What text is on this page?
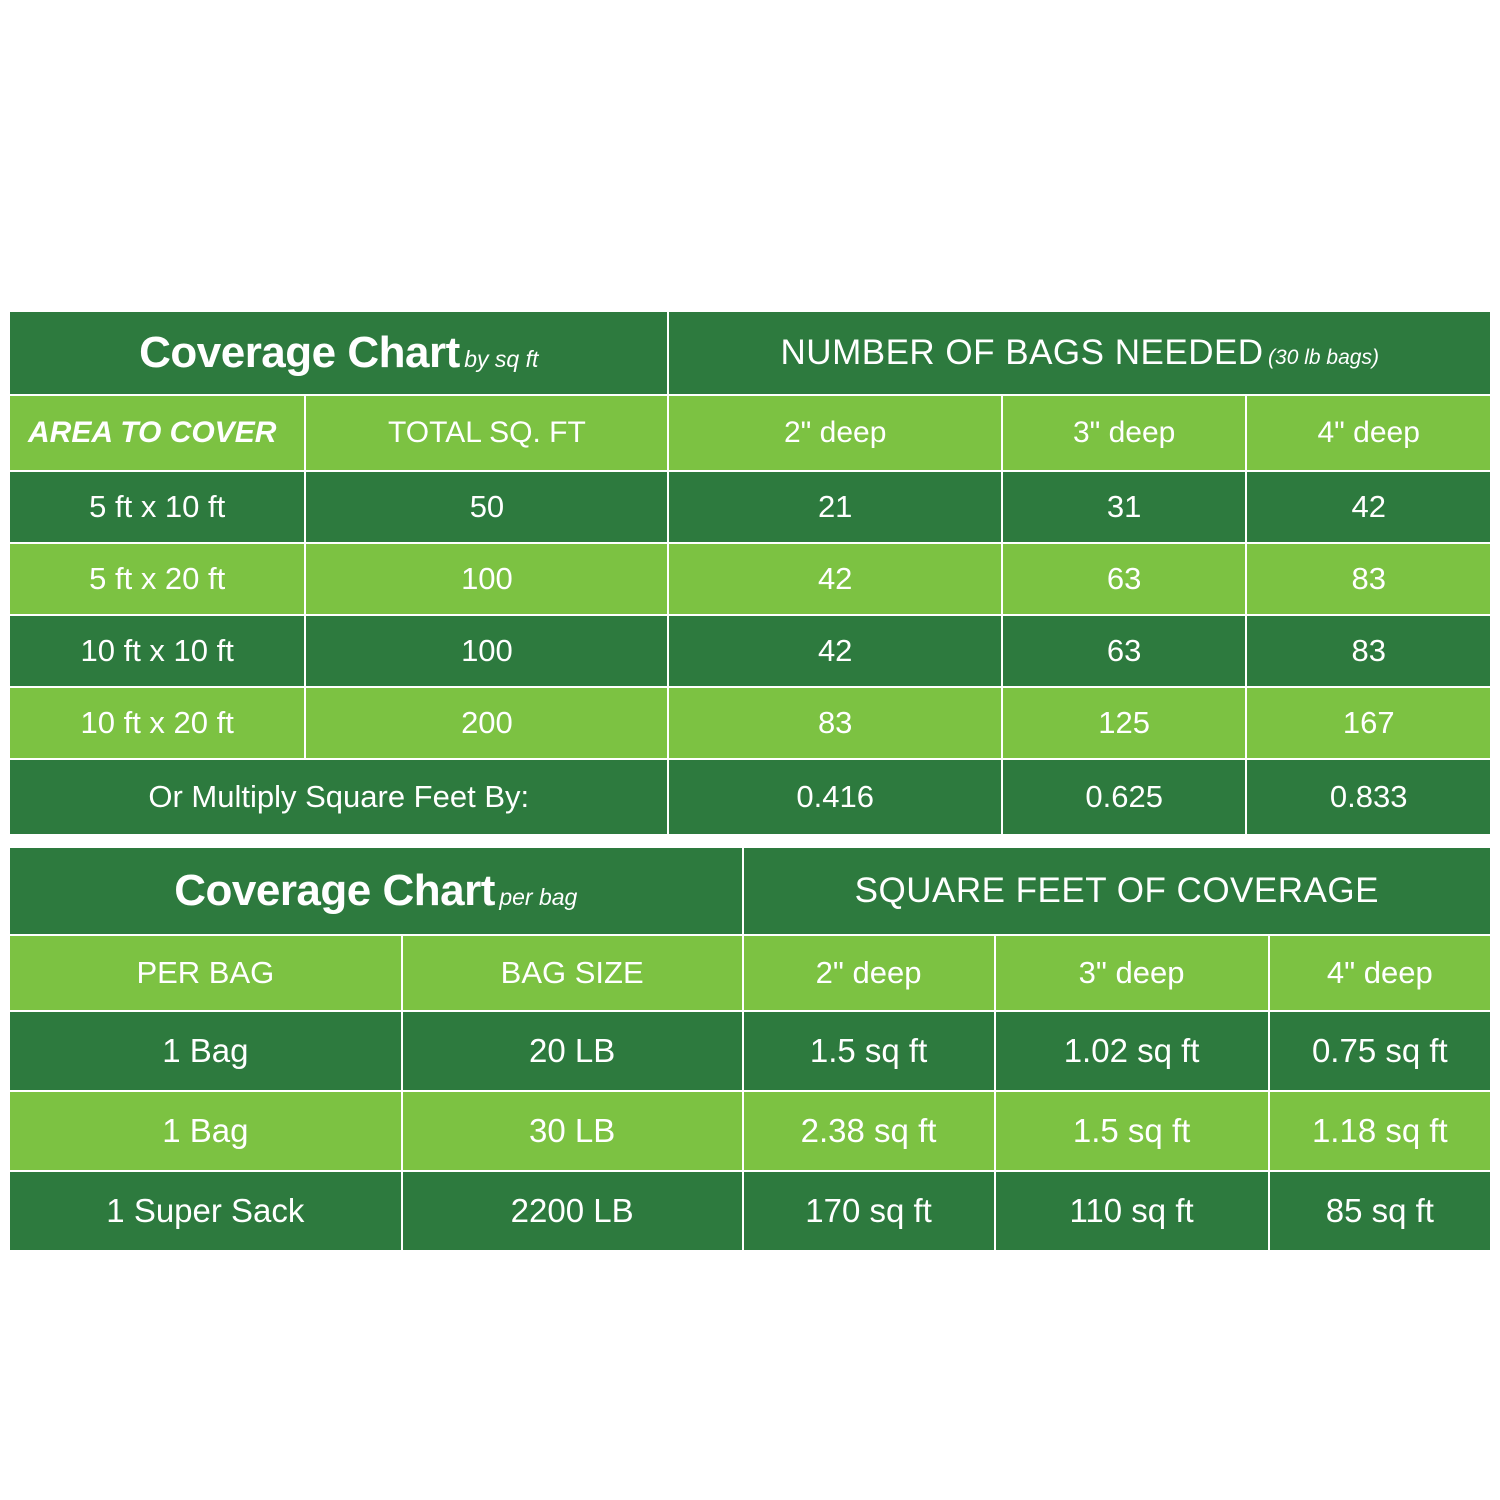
Coverage Chart by sq ft		NUMBER OF BAGS NEEDED (30 lb bags)		
AREA TO COVER	TOTAL SQ. FT	2" deep	3" deep	4" deep
5 ft x 10 ft	50	21	31	42
5 ft x 20 ft	100	42	63	83
10 ft x 10 ft	100	42	63	83
10 ft x 20 ft	200	83	125	167
Or Multiply Square Feet By:		0.416	0.625	0.833
Coverage Chart per bag		SQUARE FEET OF COVERAGE		
PER BAG	BAG SIZE	2" deep	3" deep	4" deep
1 Bag	20 LB	1.5 sq ft	1.02 sq ft	0.75 sq ft
1 Bag	30 LB	2.38 sq ft	1.5 sq ft	1.18 sq ft
1 Super Sack	2200 LB	170 sq ft	110 sq ft	85 sq ft
